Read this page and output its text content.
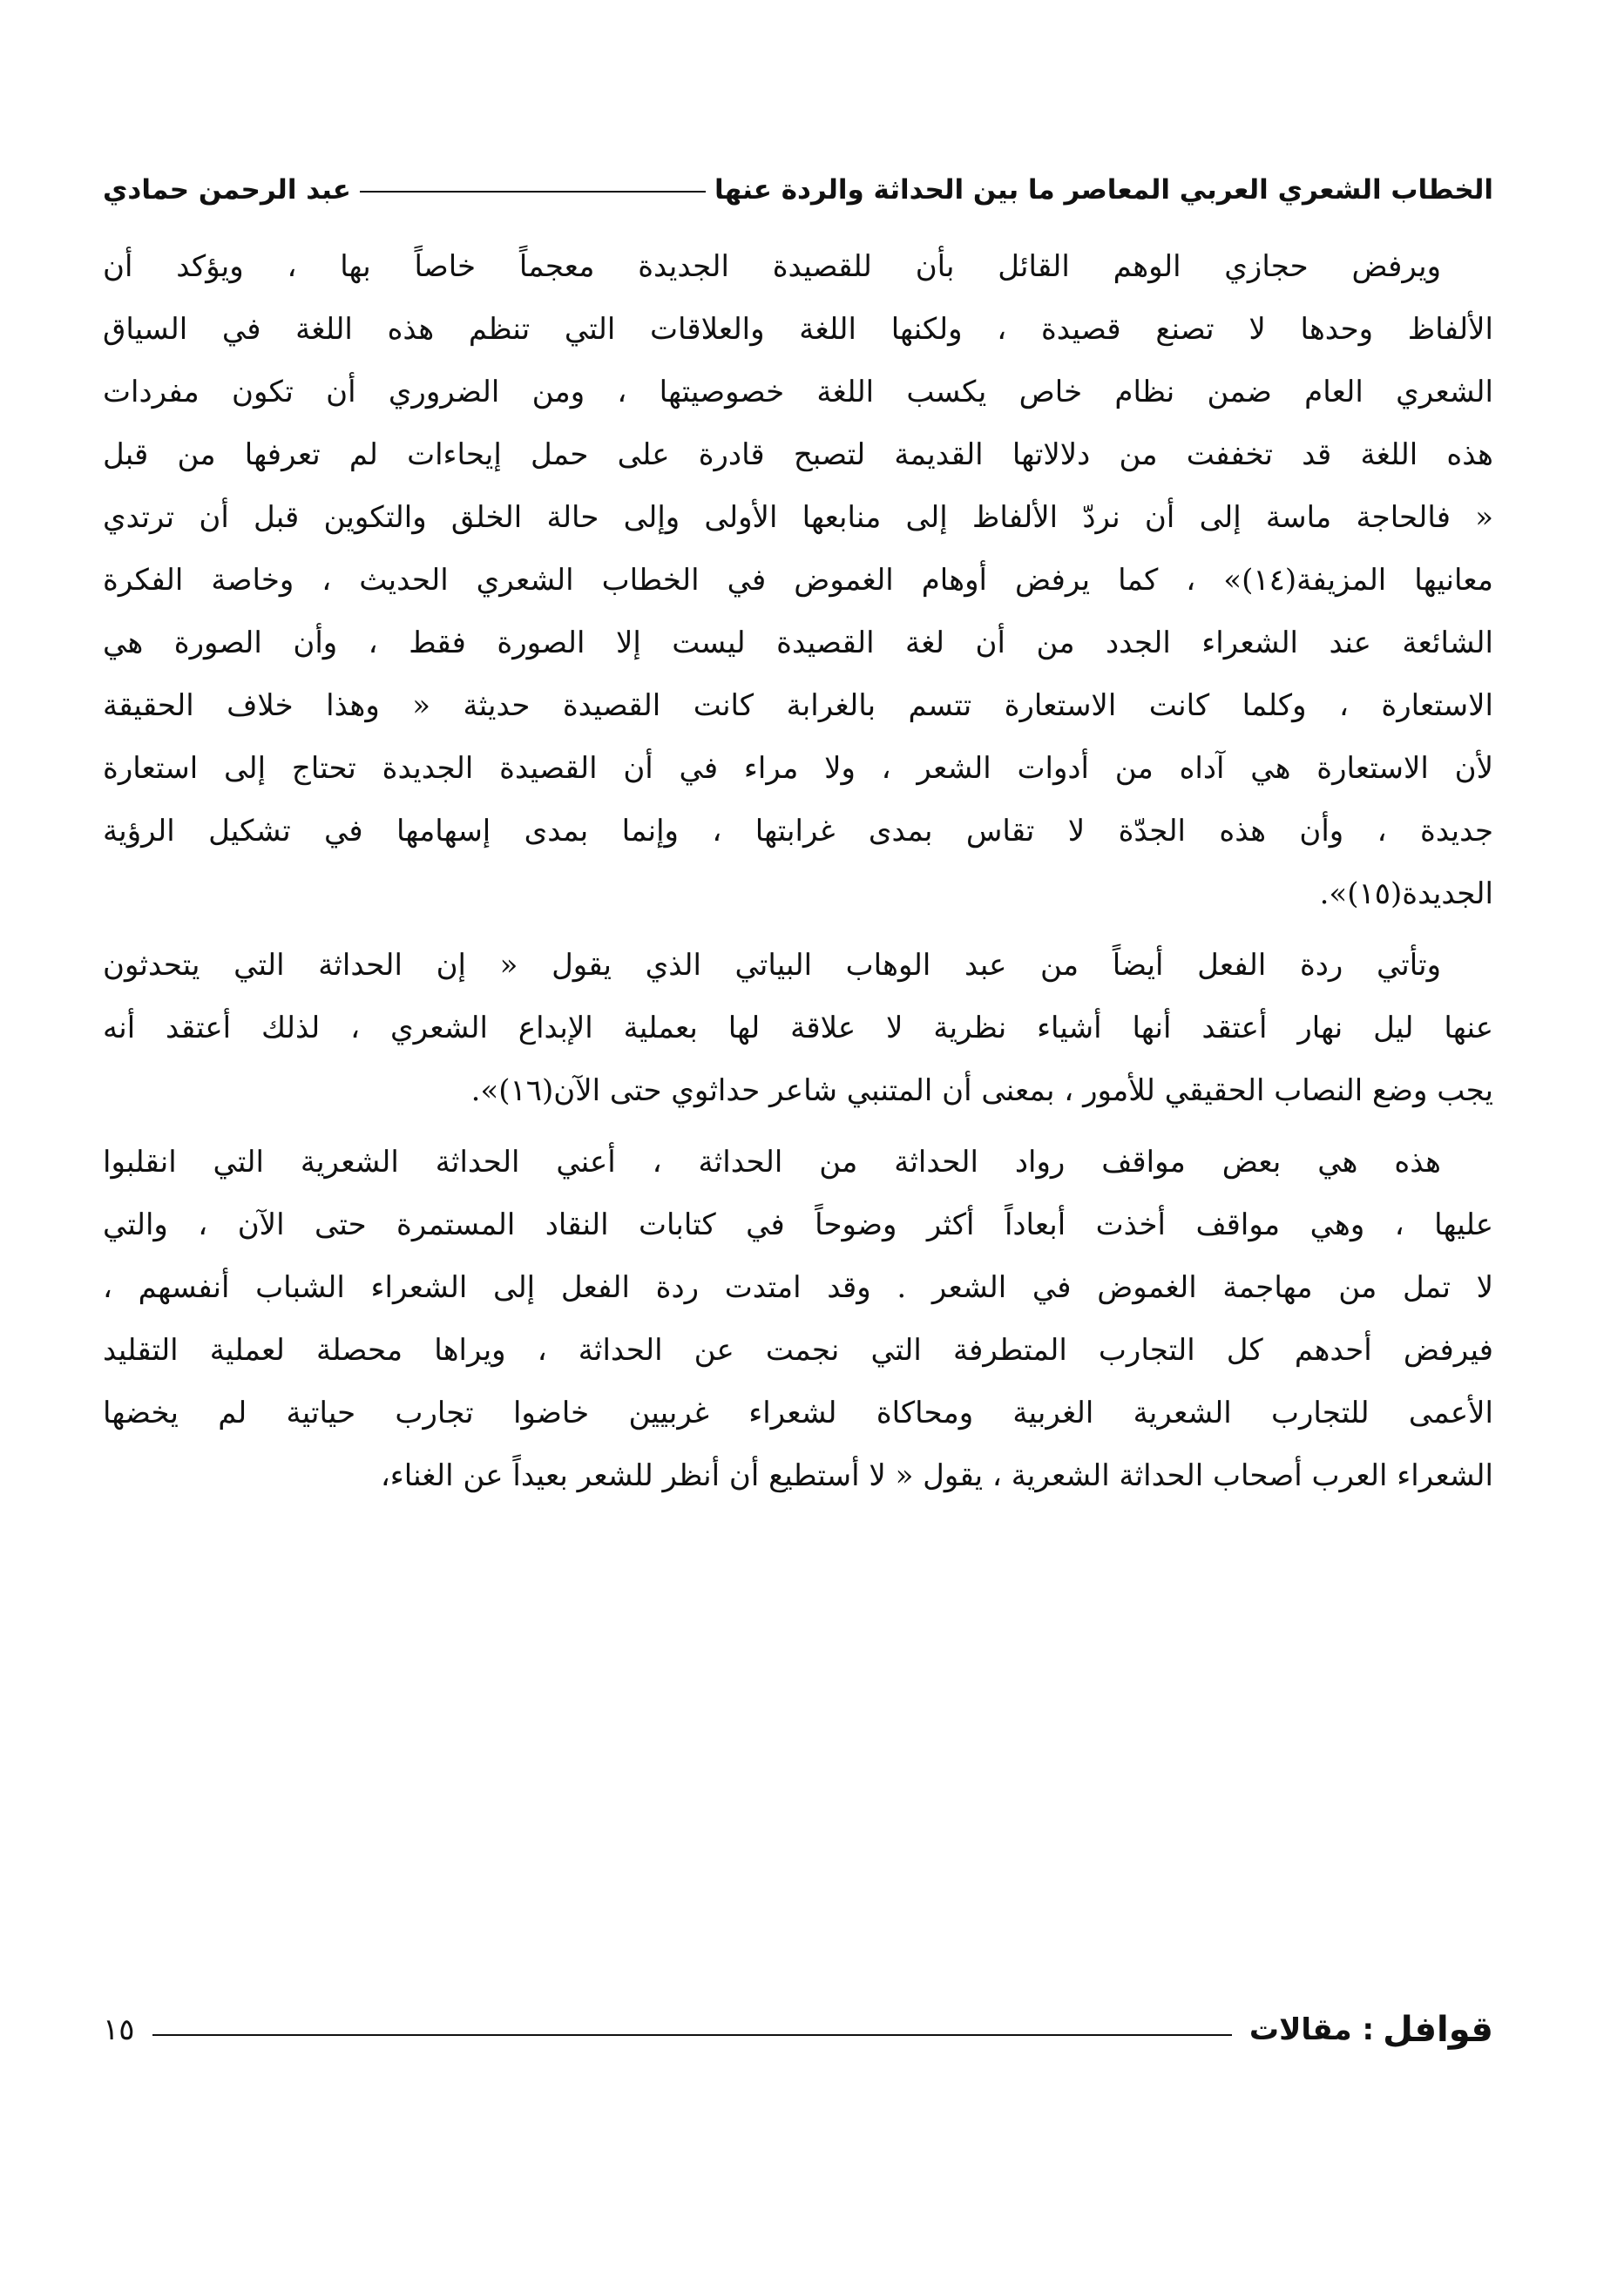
الخطاب الشعري العربي المعاصر ما بين الحداثة والردة عنها
عبد الرحمن حمادي

ويرفض حجازي الوهم القائل بأن للقصيدة الجديدة معجماً خاصاً بها ، ويؤكد أن
الألفاظ وحدها لا تصنع قصيدة ، ولكنها اللغة والعلاقات التي تنظم هذه اللغة في السياق
الشعري العام ضمن نظام خاص يكسب اللغة خصوصيتها ، ومن الضروري أن تكون مفردات
هذه اللغة قد تخففت من دلالاتها القديمة لتصبح قادرة على حمل إيحاءات لم تعرفها من قبل
« فالحاجة ماسة إلى أن نردّ الألفاظ إلى منابعها الأولى وإلى حالة الخلق والتكوين قبل أن ترتدي
معانيها المزيفة(١٤)» ، كما يرفض أوهام الغموض في الخطاب الشعري الحديث ، وخاصة الفكرة
الشائعة عند الشعراء الجدد من أن لغة القصيدة ليست إلا الصورة فقط ، وأن الصورة هي
الاستعارة ، وكلما كانت الاستعارة تتسم بالغرابة كانت القصيدة حديثة « وهذا خلاف الحقيقة
لأن الاستعارة هي آداه من أدوات الشعر ، ولا مراء في أن القصيدة الجديدة تحتاج إلى استعارة
جديدة ، وأن هذه الجدّة لا تقاس بمدى غرابتها ، وإنما بمدى إسهامها في تشكيل الرؤية
الجديدة(١٥)».

وتأتي ردة الفعل أيضاً من عبد الوهاب البياتي الذي يقول « إن الحداثة التي يتحدثون
عنها ليل نهار أعتقد أنها أشياء نظرية لا علاقة لها بعملية الإبداع الشعري ، لذلك أعتقد أنه
يجب وضع النصاب الحقيقي للأمور ، بمعنى أن المتنبي شاعر حداثوي حتى الآن(١٦)».

هذه هي بعض مواقف رواد الحداثة من الحداثة ، أعني الحداثة الشعرية التي انقلبوا
عليها ، وهي مواقف أخذت أبعاداً أكثر وضوحاً في كتابات النقاد المستمرة حتى الآن ، والتي
لا تمل من مهاجمة الغموض في الشعر . وقد امتدت ردة الفعل إلى الشعراء الشباب أنفسهم ،
فيرفض أحدهم كل التجارب المتطرفة التي نجمت عن الحداثة ، ويراها محصلة لعملية التقليد
الأعمى للتجارب الشعرية الغربية ومحاكاة لشعراء غربيين خاضوا تجارب حياتية لم يخضها
الشعراء العرب أصحاب الحداثة الشعرية ، يقول « لا أستطيع أن أنظر للشعر بعيداً عن الغناء،

قوافل
: مقالات
١٥
